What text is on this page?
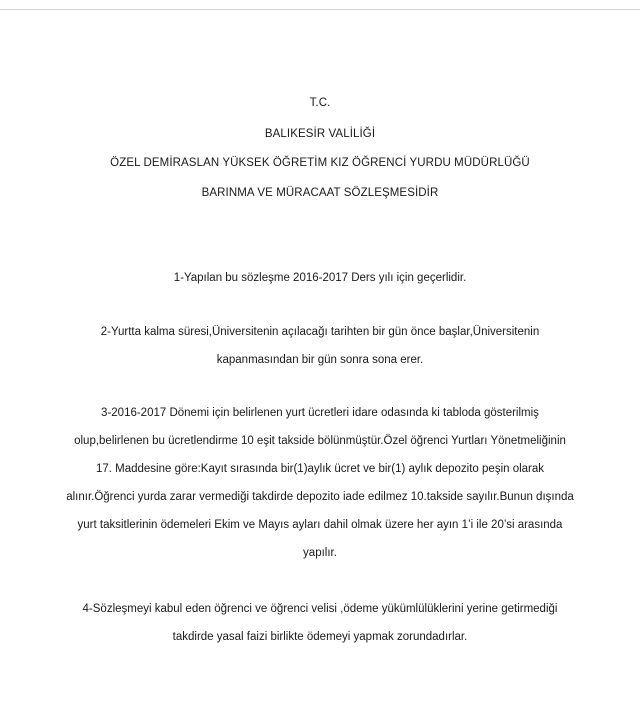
T.C.
BALIKESİR VALİLİĞİ
ÖZEL DEMİRASLAN YÜKSEK ÖĞRETİM KIZ ÖĞRENCİ YURDU MÜDÜRLÜĞÜ
BARINMA VE MÜRACAAT SÖZLEŞMESİDİR
1-Yapılan bu sözleşme 2016-2017 Ders yılı için geçerlidir.
2-Yurtta kalma süresi,Üniversitenin açılacağı tarihten bir gün önce başlar,Üniversitenin
kapanmasından bir gün sonra sona erer.
3-2016-2017 Dönemi için belirlenen yurt ücretleri idare odasında ki tabloda gösterilmiş
olup,belirlenen bu ücretlendirme 10 eşit takside bölünmüştür.Özel öğrenci Yurtları Yönetmeliğinin
17. Maddesine göre:Kayıt sırasında bir(1)aylık ücret ve bir(1) aylık depozito peşin olarak
alınır.Öğrenci yurda zarar vermediği takdirde depozito iade edilmez 10.takside sayılır.Bunun dışında
yurt taksitlerinin ödemeleri Ekim ve Mayıs ayları dahil olmak üzere her ayın 1’i ile 20’si arasında
yapılır.
4-Sözleşmeyi kabul eden öğrenci ve öğrenci velisi ,ödeme yükümlülüklerini yerine getirmediği
takdirde yasal faizi birlikte ödemeyi yapmak zorundadırlar.
